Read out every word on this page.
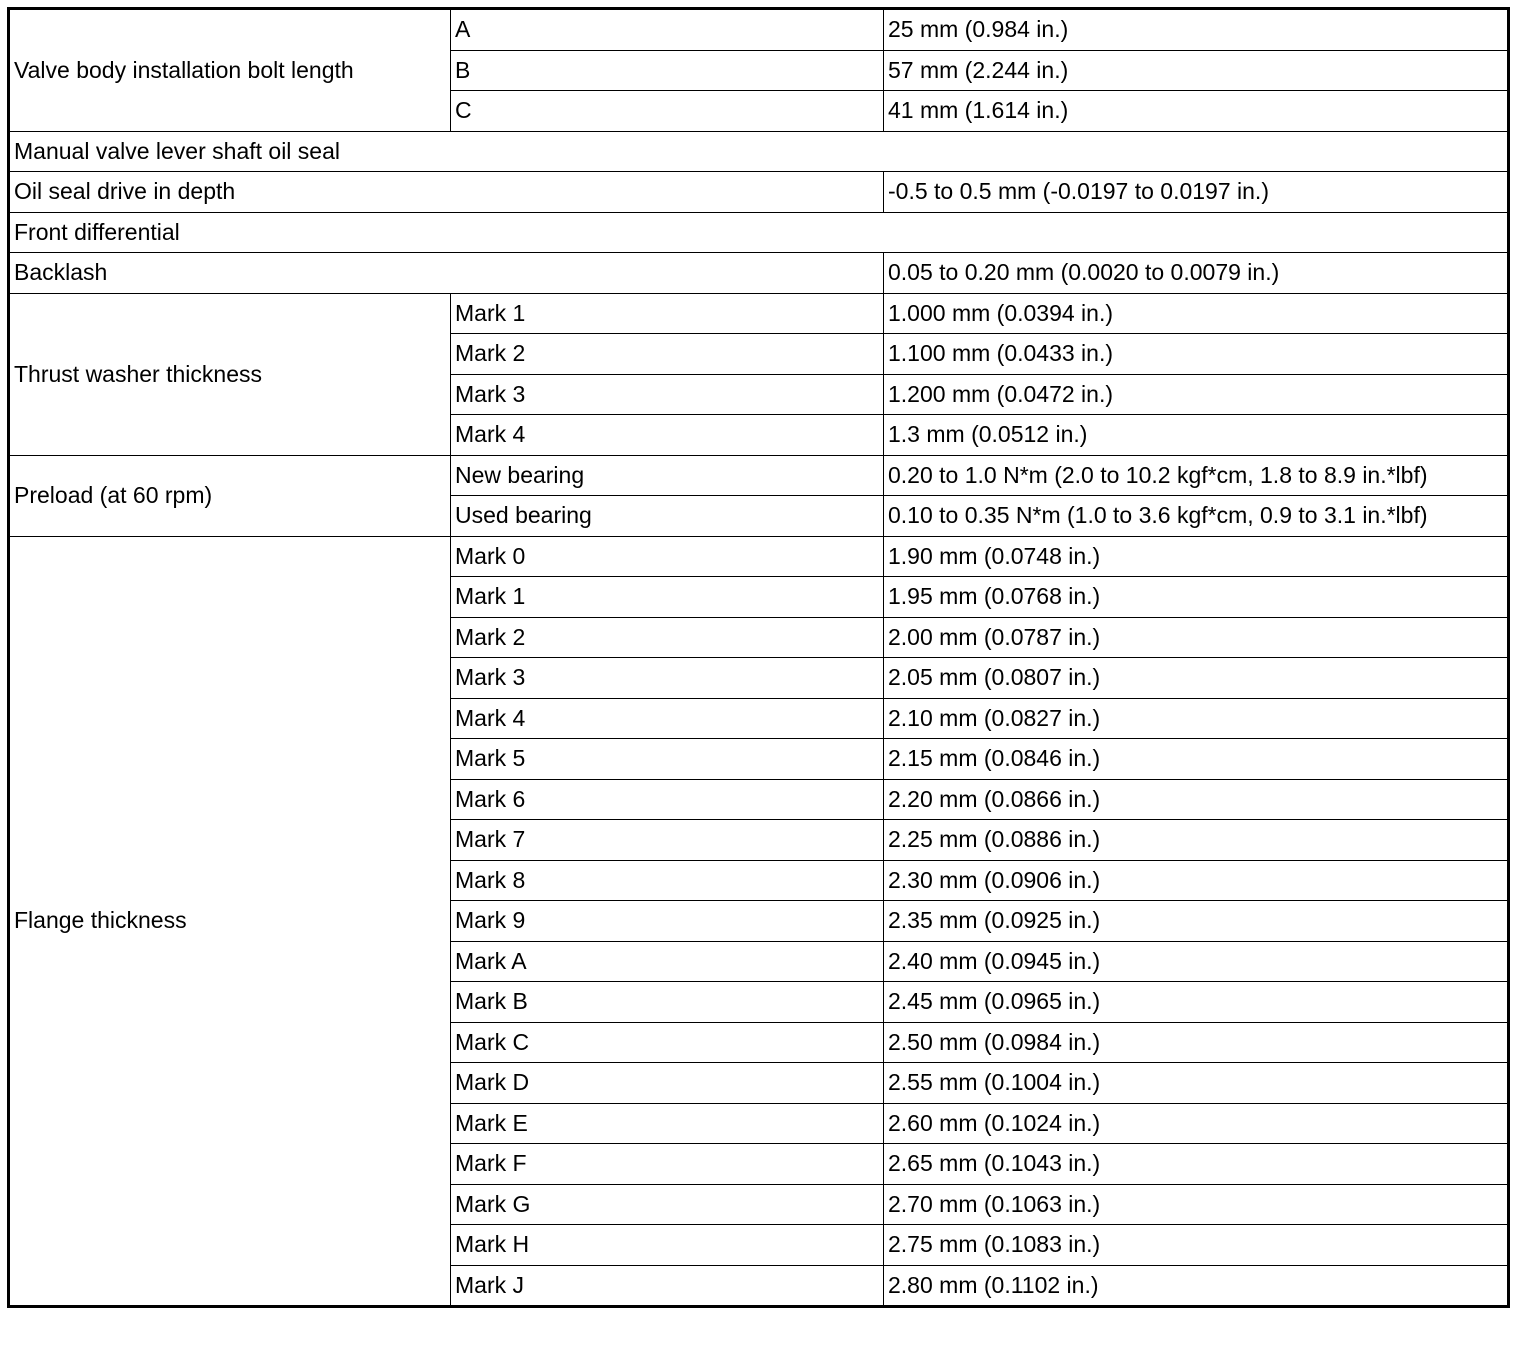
Valve body installation bolt length	A	25 mm (0.984 in.)
	B	57 mm (2.244 in.)
	C	41 mm (1.614 in.)
Manual valve lever shaft oil seal		
Oil seal drive in depth		-0.5 to 0.5 mm (-0.0197 to 0.0197 in.)
Front differential		
Backlash		0.05 to 0.20 mm (0.0020 to 0.0079 in.)
Thrust washer thickness	Mark 1	1.000 mm (0.0394 in.)
	Mark 2	1.100 mm (0.0433 in.)
	Mark 3	1.200 mm (0.0472 in.)
	Mark 4	1.3 mm (0.0512 in.)
Preload (at 60 rpm)	New bearing	0.20 to 1.0 N*m (2.0 to 10.2 kgf*cm, 1.8 to 8.9 in.*lbf)
	Used bearing	0.10 to 0.35 N*m (1.0 to 3.6 kgf*cm, 0.9 to 3.1 in.*lbf)
Flange thickness	Mark 0	1.90 mm (0.0748 in.)
	Mark 1	1.95 mm (0.0768 in.)
	Mark 2	2.00 mm (0.0787 in.)
	Mark 3	2.05 mm (0.0807 in.)
	Mark 4	2.10 mm (0.0827 in.)
	Mark 5	2.15 mm (0.0846 in.)
	Mark 6	2.20 mm (0.0866 in.)
	Mark 7	2.25 mm (0.0886 in.)
	Mark 8	2.30 mm (0.0906 in.)
	Mark 9	2.35 mm (0.0925 in.)
	Mark A	2.40 mm (0.0945 in.)
	Mark B	2.45 mm (0.0965 in.)
	Mark C	2.50 mm (0.0984 in.)
	Mark D	2.55 mm (0.1004 in.)
	Mark E	2.60 mm (0.1024 in.)
	Mark F	2.65 mm (0.1043 in.)
	Mark G	2.70 mm (0.1063 in.)
	Mark H	2.75 mm (0.1083 in.)
	Mark J	2.80 mm (0.1102 in.)
